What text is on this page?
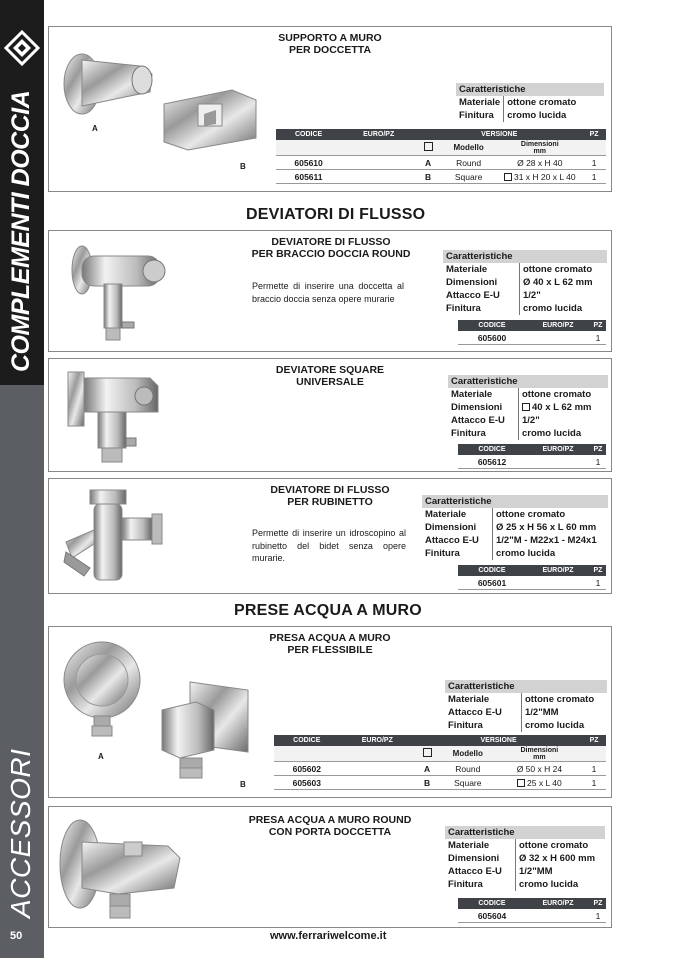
COMPLEMENTI DOCCIA
ACCESSORI
50
SUPPORTO A MURO
PER DOCCETTA
A
B
Caratteristiche
Materiale	ottone cromato
Finitura	cromo lucida
CODICE	EURO/PZ	VERSIONE			PZ
			Modello	Dimensioni
mm	

605610		A	Round	Ø 28 x H 40	1
605611		B	Square	31 x H 20 x L 40	1
DEVIATORI DI FLUSSO
DEVIATORE DI FLUSSO
PER BRACCIO DOCCIA ROUND
Permette di inserire una doccetta al braccio doccia senza opere murarie
Caratteristiche
Materiale	ottone cromato
Dimensioni	Ø 40 x L 62 mm
Attacco E-U	1/2"
Finitura	cromo lucida
CODICE	EURO/PZ	PZ
605600		1
DEVIATORE SQUARE
UNIVERSALE	Caratteristiche
Materiale	ottone cromato
Dimensioni	40 x L 62 mm
Attacco E-U	1/2"
Finitura	cromo lucida
CODICE	EURO/PZ	PZ
605612		1
DEVIATORE DI FLUSSO
PER RUBINETTO
Permette di inserire un idroscopino al rubinetto del bidet senza opere murarie.
Caratteristiche
Materiale	ottone cromato
Dimensioni	Ø 25 x H 56 x L 60 mm
Attacco E-U	1/2"M - M22x1 - M24x1
Finitura	cromo lucida
CODICE	EURO/PZ	PZ
605601		1
PRESE ACQUA A MURO
PRESA ACQUA A MURO
PER FLESSIBILE
A
B
Caratteristiche
Materiale	ottone cromato
Attacco E-U	1/2"MM
Finitura	cromo lucida
CODICE	EURO/PZ	VERSIONE			PZ
			Modello	Dimensioni
mm	

605602		A	Round	Ø 50 x H 24	1
605603		B	Square	25 x L 40	1
PRESA ACQUA A MURO ROUND
CON PORTA DOCCETTA	Caratteristiche
Materiale	ottone cromato
Dimensioni	Ø 32 x H 600 mm
Attacco E-U	1/2"MM
Finitura	cromo lucida
CODICE	EURO/PZ	PZ
605604		1
www.ferrariwelcome.it
